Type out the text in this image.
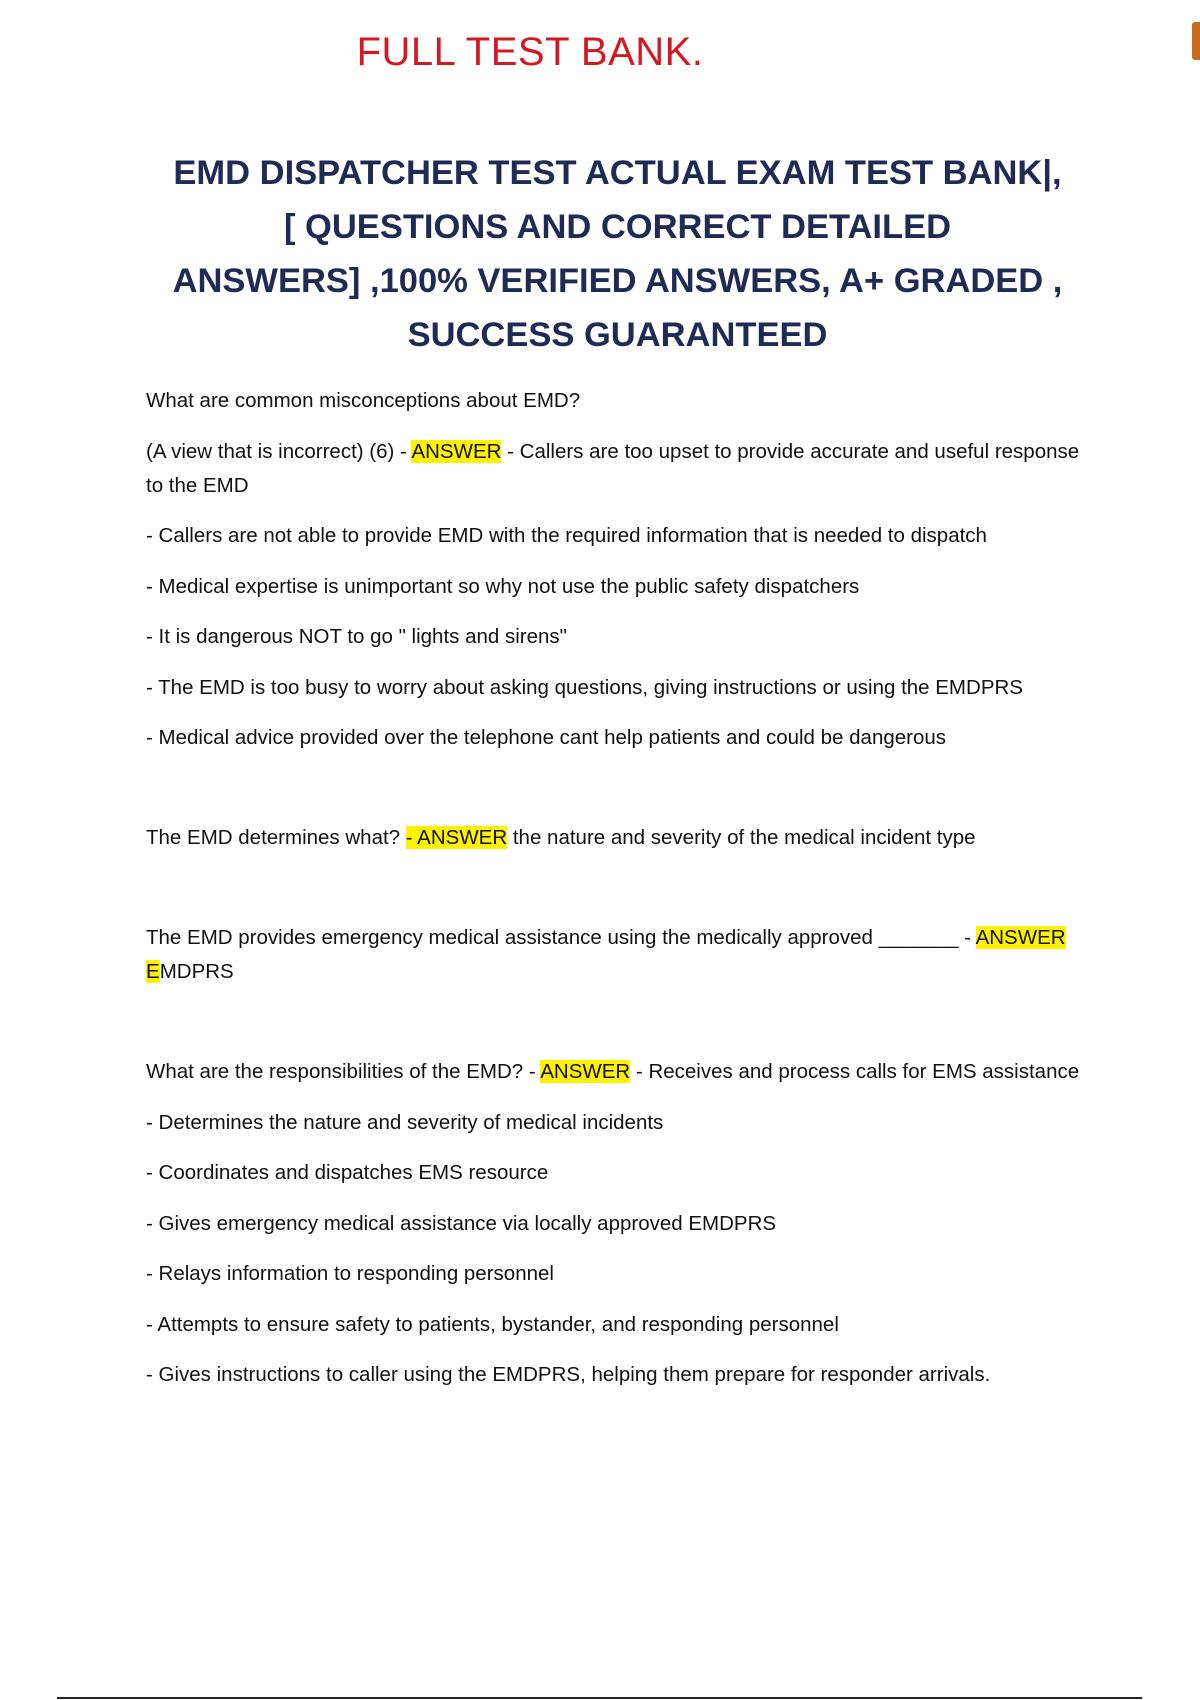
FULL TEST BANK.
EMD DISPATCHER TEST ACTUAL EXAM TEST BANK|,
[ QUESTIONS AND CORRECT DETAILED
ANSWERS] ,100% VERIFIED ANSWERS, A+ GRADED ,
SUCCESS GUARANTEED

What are common misconceptions about EMD?

(A view that is incorrect) (6) - ANSWER - Callers are too upset to provide accurate and useful response to the EMD

- Callers are not able to provide EMD with the required information that is needed to dispatch

- Medical expertise is unimportant so why not use the public safety dispatchers

- It is dangerous NOT to go " lights and sirens"

- The EMD is too busy to worry about asking questions, giving instructions or using the EMDPRS

- Medical advice provided over the telephone cant help patients and could be dangerous

The EMD determines what? - ANSWER the nature and severity of the medical incident type

The EMD provides emergency medical assistance using the medically approved _______ - ANSWER EMDPRS

What are the responsibilities of the EMD? - ANSWER - Receives and process calls for EMS assistance

- Determines the nature and severity of medical incidents

- Coordinates and dispatches EMS resource

- Gives emergency medical assistance via locally approved EMDPRS

- Relays information to responding personnel

- Attempts to ensure safety to patients, bystander, and responding personnel

- Gives instructions to caller using the EMDPRS, helping them prepare for responder arrivals.
